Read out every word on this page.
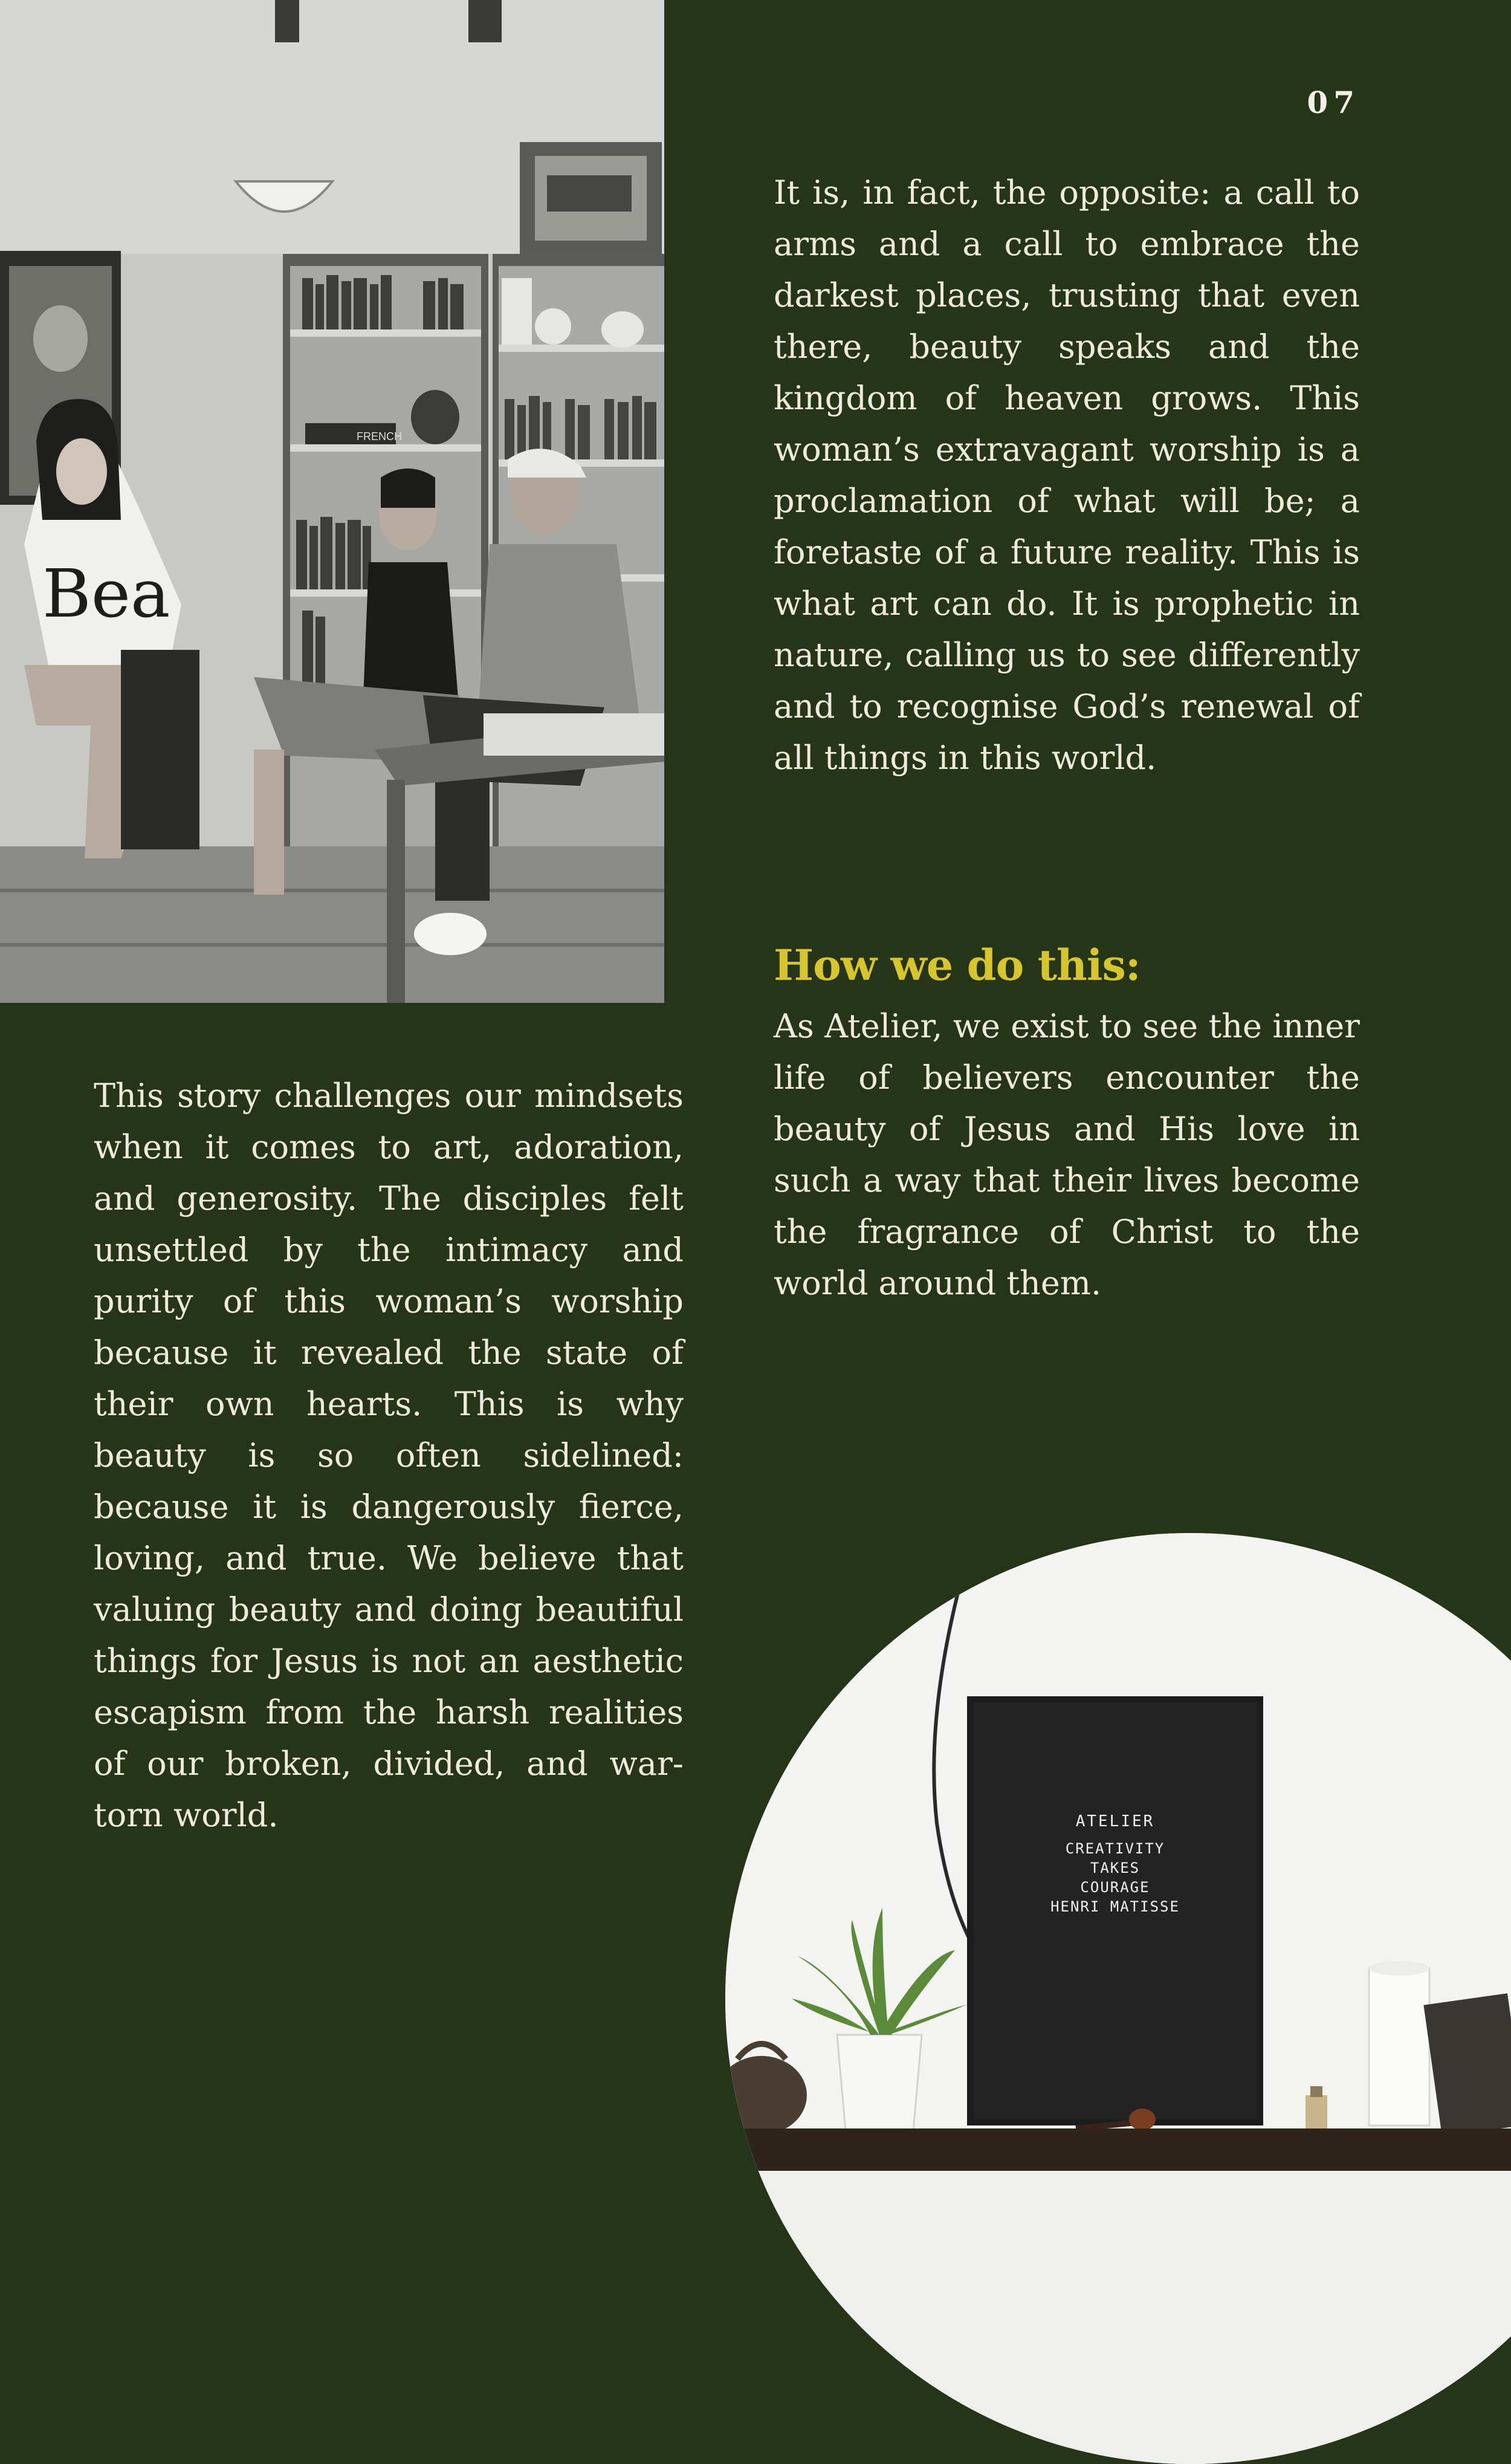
FRENCH
Bea
07
It is, in fact, the opposite: a call to arms and a call to embrace the darkest places, trusting that even there, beauty speaks and the kingdom of heaven grows. This woman’s extravagant worship is a proclamation of what will be; a foretaste of a future reality. This is what art can do. It is prophetic in nature, calling us to see differently and to recognise God’s renewal of all things in this world.
How we do this:
As Atelier, we exist to see the inner life of believers encounter the beauty of Jesus and His love in such a way that their lives become the fragrance of Christ to the world around them.
This story challenges our mindsets when it comes to art, adoration, and generosity. The disciples felt unsettled by the intimacy and purity of this woman’s worship because it revealed the state of their own hearts. This is why beauty is so often sidelined: because it is dangerously fierce, loving, and true. We believe that valuing beauty and doing beautiful things for Jesus is not an aesthetic escapism from the harsh realities of our broken, divided, and war-torn world.	ATELIER
CREATIVITY
TAKES
COURAGE
HENRI MATISSE
